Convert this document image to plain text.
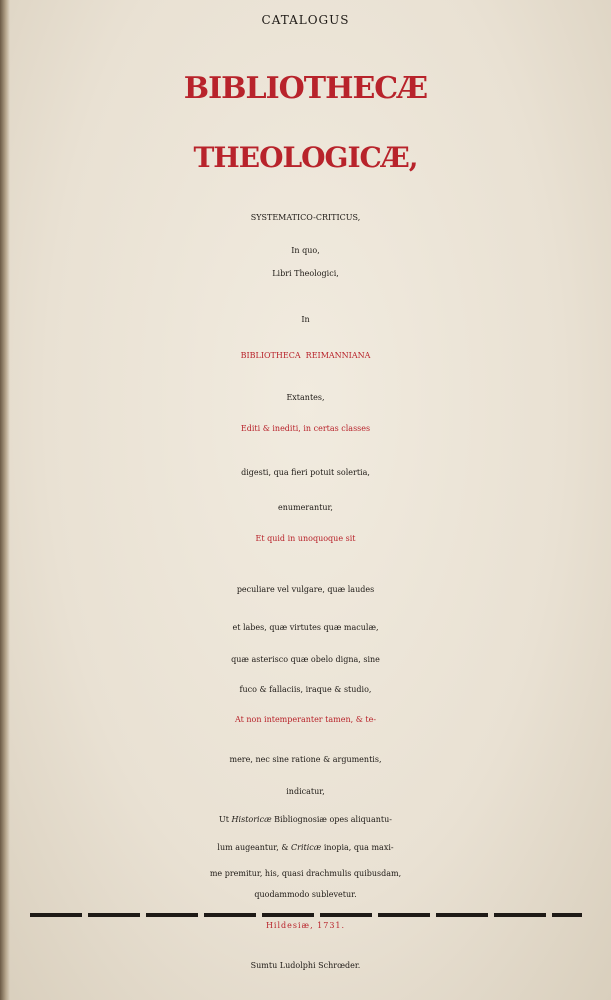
CATALOGUS
BIBLIOTHECÆ
THEOLOGICÆ,
SYSTEMATICO-CRITICUS,
In quo,
Libri Theologici,
In
BIBLIOTHECA  REIMANNIANA
Extantes,
Editi & inediti, in certas classes
digesti, qua fieri potuit solertia,
enumerantur,
Et quid in unoquoque sit
peculiare vel vulgare, quæ laudes
et labes, quæ virtutes quæ maculæ,
quæ asterisco quæ obelo digna, sine
fuco & fallaciis, iraque & studio,
At non intemperanter tamen, & te-
mere, nec sine ratione & argumentis,
indicatur,
Ut Historicæ Bibliognosiæ opes aliquantu-
lum augeantur, & Criticæ inopia, qua maxi-
me premitur, his, quasi drachmulis quibusdam,
quodammodo sublevetur.
Hildesiæ, 1731.
Sumtu Ludolphi Schrœder.
